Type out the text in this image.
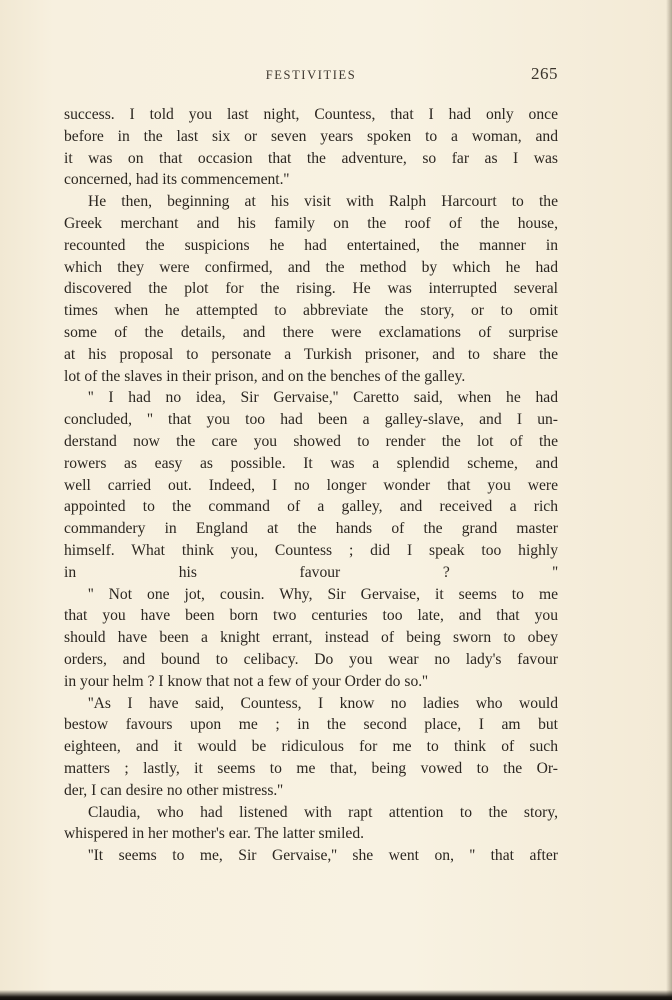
FESTIVITIES	265

success. I told you last night, Countess, that I had only once
before in the last six or seven years spoken to a woman, and
it was on that occasion that the adventure, so far as I was
concerned, had its commencement.''

He then, beginning at his visit with Ralph Harcourt to the
Greek merchant and his family on the roof of the house,
recounted the suspicions he had entertained, the manner in
which they were confirmed, and the method by which he had
discovered the plot for the rising. He was interrupted several
times when he attempted to abbreviate the story, or to omit
some of the details, and there were exclamations of surprise
at his proposal to personate a Turkish prisoner, and to share the
lot of the slaves in their prison, and on the benches of the galley.

'' I had no idea, Sir Gervaise,'' Caretto said, when he had
concluded, '' that you too had been a galley-slave, and I un-
derstand now the care you showed to render the lot of the
rowers as easy as possible. It was a splendid scheme, and
well carried out. Indeed, I no longer wonder that you were
appointed to the command of a galley, and received a rich
commandery in England at the hands of the grand master
himself. What think you, Countess ; did I speak too highly
in his favour ? ''

'' Not one jot, cousin. Why, Sir Gervaise, it seems to me
that you have been born two centuries too late, and that you
should have been a knight errant, instead of being sworn to obey
orders, and bound to celibacy. Do you wear no lady's favour
in your helm ? I know that not a few of your Order do so.''

''As I have said, Countess, I know no ladies who would
bestow favours upon me ; in the second place, I am but
eighteen, and it would be ridiculous for me to think of such
matters ; lastly, it seems to me that, being vowed to the Or-
der, I can desire no other mistress.''

Claudia, who had listened with rapt attention to the story,
whispered in her mother's ear. The latter smiled.

''It seems to me, Sir Gervaise,'' she went on, '' that after
